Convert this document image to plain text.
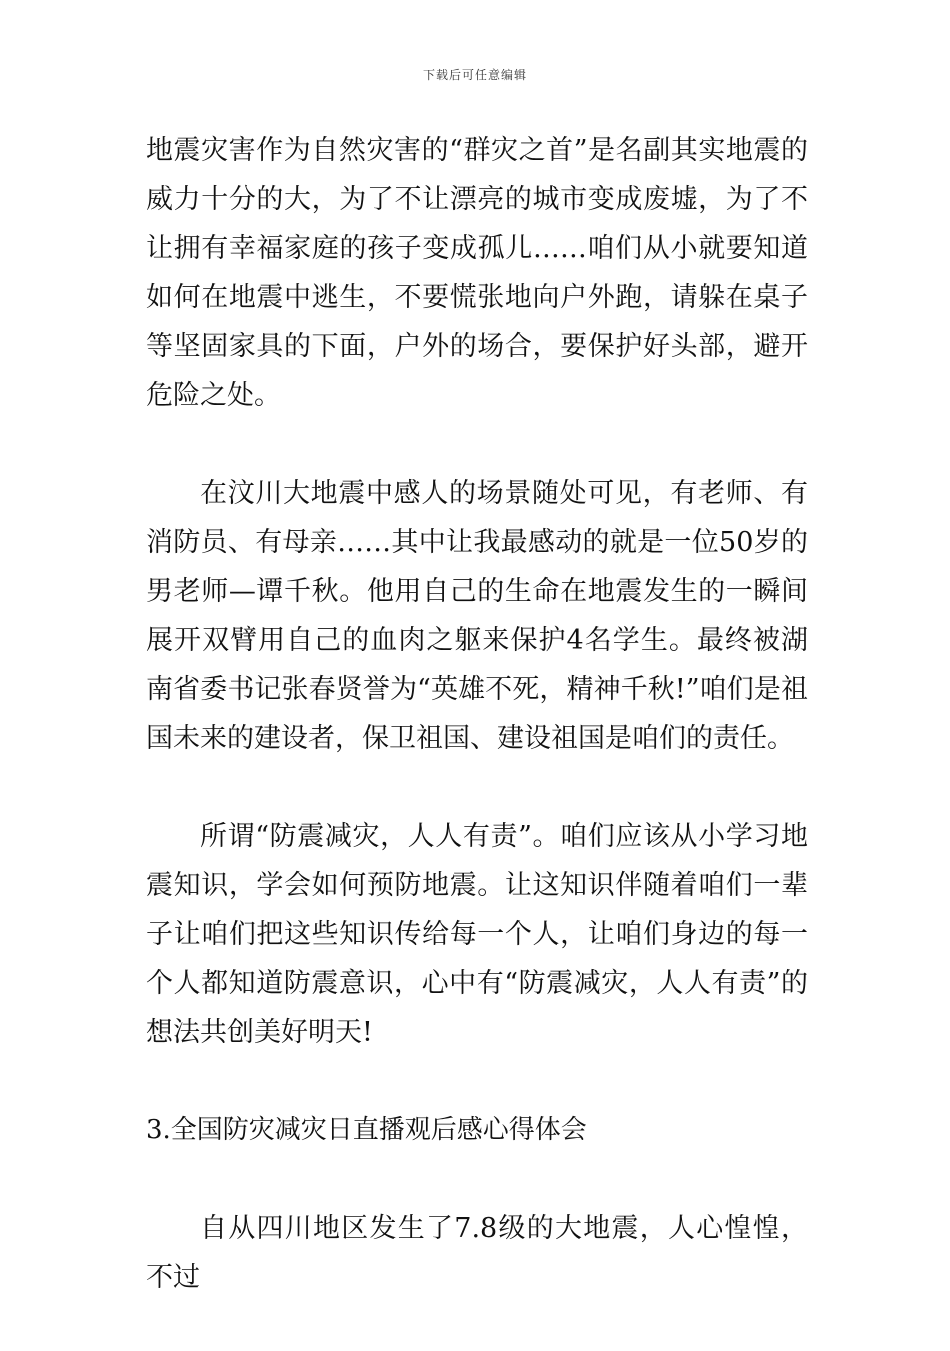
下载后可任意编辑

地震灾害作为自然灾害的“群灾之首”是名副其实地震的威力十分的大，为了不让漂亮的城市变成废墟，为了不让拥有幸福家庭的孩子变成孤儿……咱们从小就要知道如何在地震中逃生，不要慌张地向户外跑，请躲在桌子等坚固家具的下面，户外的场合，要保护好头部，避开危险之处。

在汶川大地震中感人的场景随处可见，有老师、有消防员、有母亲……其中让我最感动的就是一位50岁的男老师—谭千秋。他用自己的生命在地震发生的一瞬间展开双臂用自己的血肉之躯来保护4名学生。最终被湖南省委书记张春贤誉为“英雄不死，精神千秋!”咱们是祖国未来的建设者，保卫祖国、建设祖国是咱们的责任。

所谓“防震减灾，人人有责”。咱们应该从小学习地震知识，学会如何预防地震。让这知识伴随着咱们一辈子让咱们把这些知识传给每一个人，让咱们身边的每一个人都知道防震意识，心中有“防震减灾，人人有责”的想法共创美好明天!

3.全国防灾减灾日直播观后感心得体会

自从四川地区发生了7.8级的大地震，人心惶惶，不过
